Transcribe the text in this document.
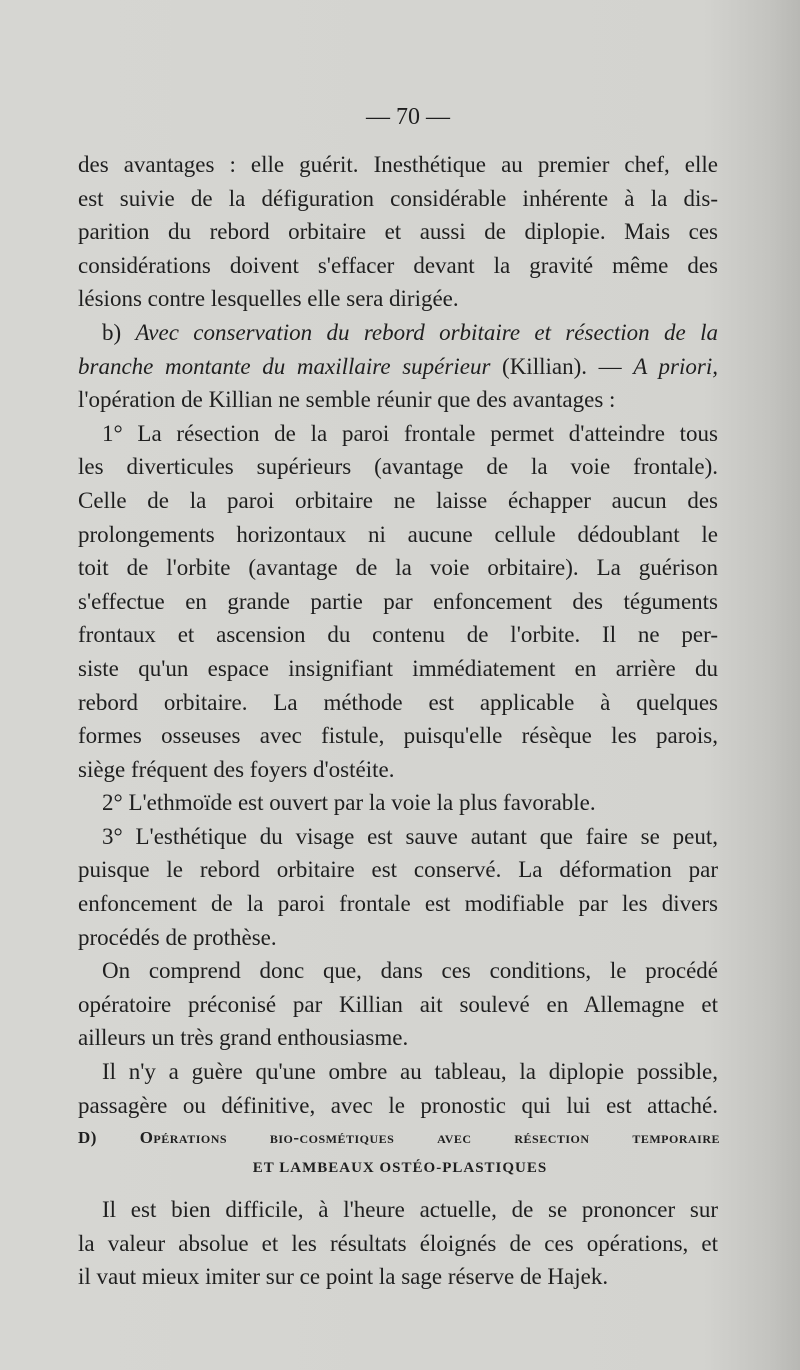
— 70 —
des avantages : elle guérit. Inesthétique au premier chef, elle
est suivie de la défiguration considérable inhérente à la dis-
parition du rebord orbitaire et aussi de diplopie. Mais ces
considérations doivent s'effacer devant la gravité même des
lésions contre lesquelles elle sera dirigée.
b) Avec conservation du rebord orbitaire et résection de la
branche montante du maxillaire supérieur (Killian). — A priori,
l'opération de Killian ne semble réunir que des avantages :
1° La résection de la paroi frontale permet d'atteindre tous
les diverticules supérieurs (avantage de la voie frontale).
Celle de la paroi orbitaire ne laisse échapper aucun des
prolongements horizontaux ni aucune cellule dédoublant le
toit de l'orbite (avantage de la voie orbitaire). La guérison
s'effectue en grande partie par enfoncement des téguments
frontaux et ascension du contenu de l'orbite. Il ne per-
siste qu'un espace insignifiant immédiatement en arrière du
rebord orbitaire. La méthode est applicable à quelques
formes osseuses avec fistule, puisqu'elle résèque les parois,
siège fréquent des foyers d'ostéite.
2° L'ethmoïde est ouvert par la voie la plus favorable.
3° L'esthétique du visage est sauve autant que faire se peut,
puisque le rebord orbitaire est conservé. La déformation par
enfoncement de la paroi frontale est modifiable par les divers
procédés de prothèse.
On comprend donc que, dans ces conditions, le procédé
opératoire préconisé par Killian ait soulevé en Allemagne et
ailleurs un très grand enthousiasme.
Il n'y a guère qu'une ombre au tableau, la diplopie possible,
passagère ou définitive, avec le pronostic qui lui est attaché.
D) Opérations bio-cosmétiques avec résection temporaire
ET LAMBEAUX OSTÉO-PLASTIQUES
Il est bien difficile, à l'heure actuelle, de se prononcer sur
la valeur absolue et les résultats éloignés de ces opérations, et
il vaut mieux imiter sur ce point la sage réserve de Hajek.
